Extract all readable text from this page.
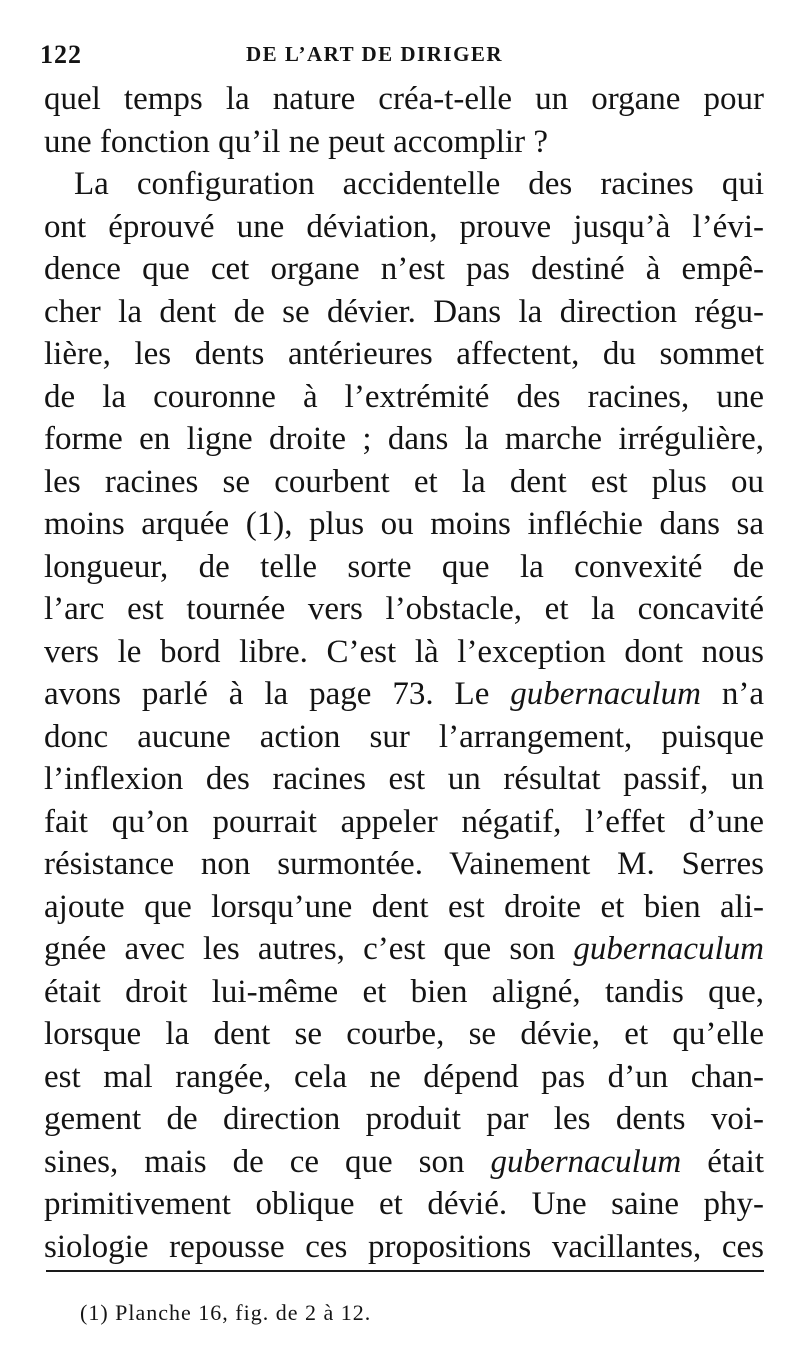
122	DE L’ART DE DIRIGER
quel temps la nature créa-t-elle un organe pour
une fonction qu’il ne peut accomplir ?
La configuration accidentelle des racines qui
ont éprouvé une déviation, prouve jusqu’à l’évi-
dence que cet organe n’est pas destiné à empê-
cher la dent de se dévier. Dans la direction régu-
lière, les dents antérieures affectent, du sommet
de la couronne à l’extrémité des racines, une
forme en ligne droite ; dans la marche irrégulière,
les racines se courbent et la dent est plus ou
moins arquée (1), plus ou moins infléchie dans sa
longueur, de telle sorte que la convexité de
l’arc est tournée vers l’obstacle, et la concavité
vers le bord libre. C’est là l’exception dont nous
avons parlé à la page 73. Le gubernaculum n’a
donc aucune action sur l’arrangement, puisque
l’inflexion des racines est un résultat passif, un
fait qu’on pourrait appeler négatif, l’effet d’une
résistance non surmontée. Vainement M. Serres
ajoute que lorsqu’une dent est droite et bien ali-
gnée avec les autres, c’est que son gubernaculum
était droit lui-même et bien aligné, tandis que,
lorsque la dent se courbe, se dévie, et qu’elle
est mal rangée, cela ne dépend pas d’un chan-
gement de direction produit par les dents voi-
sines, mais de ce que son gubernaculum était
primitivement oblique et dévié. Une saine phy-
siologie repousse ces propositions vacillantes, ces
(1) Planche 16, fig. de 2 à 12.
